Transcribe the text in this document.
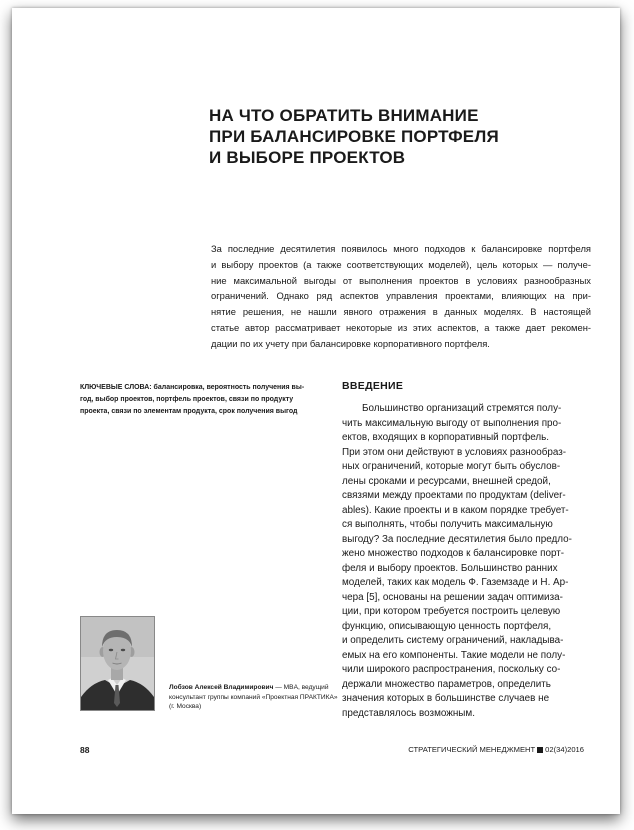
НА ЧТО ОБРАТИТЬ ВНИМАНИЕ
ПРИ БАЛАНСИРОВКЕ ПОРТФЕЛЯ
И ВЫБОРЕ ПРОЕКТОВ
За последние десятилетия появилось много подходов к балансировке портфеля
и выбору проектов (а также соответствующих моделей), цель которых — получе-
ние максимальной выгоды от выполнения проектов в условиях разнообразных
ограничений. Однако ряд аспектов управления проектами, влияющих на при-
нятие решения, не нашли явного отражения в данных моделях. В настоящей
статье автор рассматривает некоторые из этих аспектов, а также дает рекомен-
дации по их учету при балансировке корпоративного портфеля.
КЛЮЧЕВЫЕ СЛОВА: балансировка, вероятность получения вы-
год, выбор проектов, портфель проектов, связи по продукту
проекта, связи по элементам продукта, срок получения выгод
ВВЕДЕНИЕ
Большинство организаций стремятся полу-
чить максимальную выгоду от выполнения про-
ектов, входящих в корпоративный портфель.
При этом они действуют в условиях разнообраз-
ных ограничений, которые могут быть обуслов-
лены сроками и ресурсами, внешней средой,
связями между проектами по продуктам (deliver-
ables). Какие проекты и в каком порядке требует-
ся выполнять, чтобы получить максимальную
выгоду? За последние десятилетия было предло-
жено множество подходов к балансировке порт-
феля и выбору проектов. Большинство ранних
моделей, таких как модель Ф. Газемзаде и Н. Ар-
чера [5], основаны на решении задач оптимиза-
ции, при котором требуется построить целевую
функцию, описывающую ценность портфеля,
и определить систему ограничений, накладыва-
емых на его компоненты. Такие модели не полу-
чили широкого распространения, поскольку со-
держали множество параметров, определить
значения которых в большинстве случаев не
представлялось возможным.
Лобзов Алексей Владимирович — MBA, ведущий
консультант группы компаний «Проектная ПРАКТИКА»
(г. Москва)
88	СТРАТЕГИЧЕСКИЙ МЕНЕДЖМЕНТ 02(34)2016
